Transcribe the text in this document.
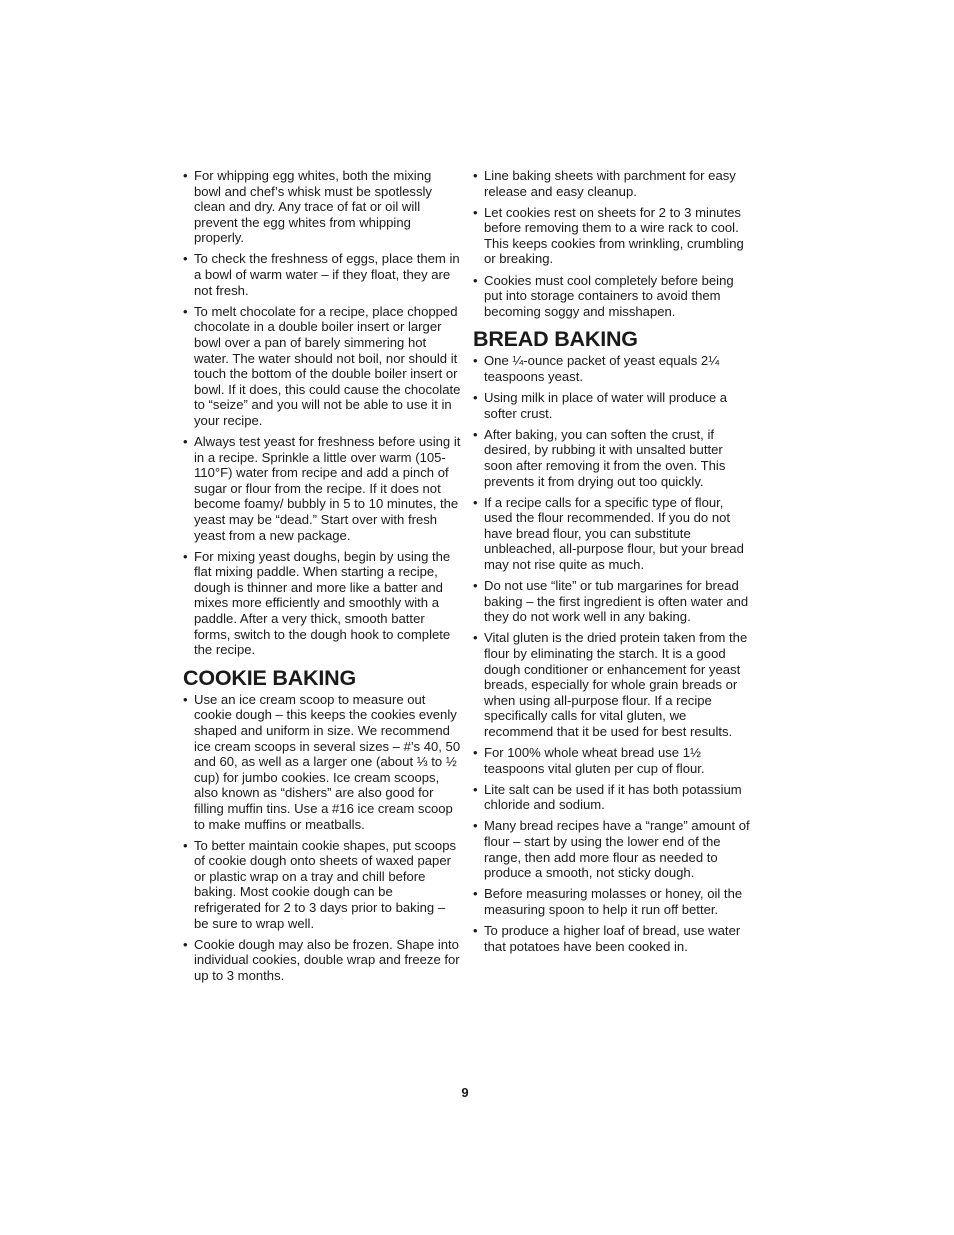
• For whipping egg whites, both the mixing bowl and chef’s whisk must be spotlessly clean and dry. Any trace of fat or oil will prevent the egg whites from whipping properly.
• To check the freshness of eggs, place them in a bowl of warm water – if they float, they are not fresh.
• To melt chocolate for a recipe, place chopped chocolate in a double boiler insert or larger bowl over a pan of barely simmering hot water. The water should not boil, nor should it touch the bottom of the double boiler insert or bowl. If it does, this could cause the chocolate to “seize” and you will not be able to use it in your recipe.
• Always test yeast for freshness before using it in a recipe. Sprinkle a little over warm (105-110°F) water from recipe and add a pinch of sugar or flour from the recipe. If it does not become foamy/ bubbly in 5 to 10 minutes, the yeast may be “dead.” Start over with fresh yeast from a new package.
• For mixing yeast doughs, begin by using the flat mixing paddle. When starting a recipe, dough is thinner and more like a batter and mixes more efficiently and smoothly with a paddle. After a very thick, smooth batter forms, switch to the dough hook to complete the recipe.
COOKIE BAKING
• Use an ice cream scoop to measure out cookie dough – this keeps the cookies evenly shaped and uniform in size. We recommend ice cream scoops in several sizes – #’s 40, 50 and 60, as well as a larger one (about ⅓ to ½ cup) for jumbo cookies. Ice cream scoops, also known as “dishers” are also good for filling muffin tins. Use a #16 ice cream scoop to make muffins or meatballs.
• To better maintain cookie shapes, put scoops of cookie dough onto sheets of waxed paper or plastic wrap on a tray and chill before baking. Most cookie dough can be refrigerated for 2 to 3 days prior to baking – be sure to wrap well.
• Cookie dough may also be frozen. Shape into individual cookies, double wrap and freeze for up to 3 months.
• Line baking sheets with parchment for easy release and easy cleanup.
• Let cookies rest on sheets for 2 to 3 minutes before removing them to a wire rack to cool. This keeps cookies from wrinkling, crumbling or breaking.
• Cookies must cool completely before being put into storage containers to avoid them becoming soggy and misshapen.
BREAD BAKING
• One ¼-ounce packet of yeast equals 2¼ teaspoons yeast.
• Using milk in place of water will produce a softer crust.
• After baking, you can soften the crust, if desired, by rubbing it with unsalted butter soon after removing it from the oven. This prevents it from drying out too quickly.
• If a recipe calls for a specific type of flour, used the flour recommended. If you do not have bread flour, you can substitute unbleached, all-purpose flour, but your bread may not rise quite as much.
• Do not use “lite” or tub margarines for bread baking – the first ingredient is often water and they do not work well in any baking.
• Vital gluten is the dried protein taken from the flour by eliminating the starch. It is a good dough conditioner or enhancement for yeast breads, especially for whole grain breads or when using all-purpose flour. If a recipe specifically calls for vital gluten, we recommend that it be used for best results.
• For 100% whole wheat bread use 1½ teaspoons vital gluten per cup of flour.
• Lite salt can be used if it has both potassium chloride and sodium.
• Many bread recipes have a “range” amount of flour – start by using the lower end of the range, then add more flour as needed to produce a smooth, not sticky dough.
• Before measuring molasses or honey, oil the measuring spoon to help it run off better.
• To produce a higher loaf of bread, use water that potatoes have been cooked in.
9
